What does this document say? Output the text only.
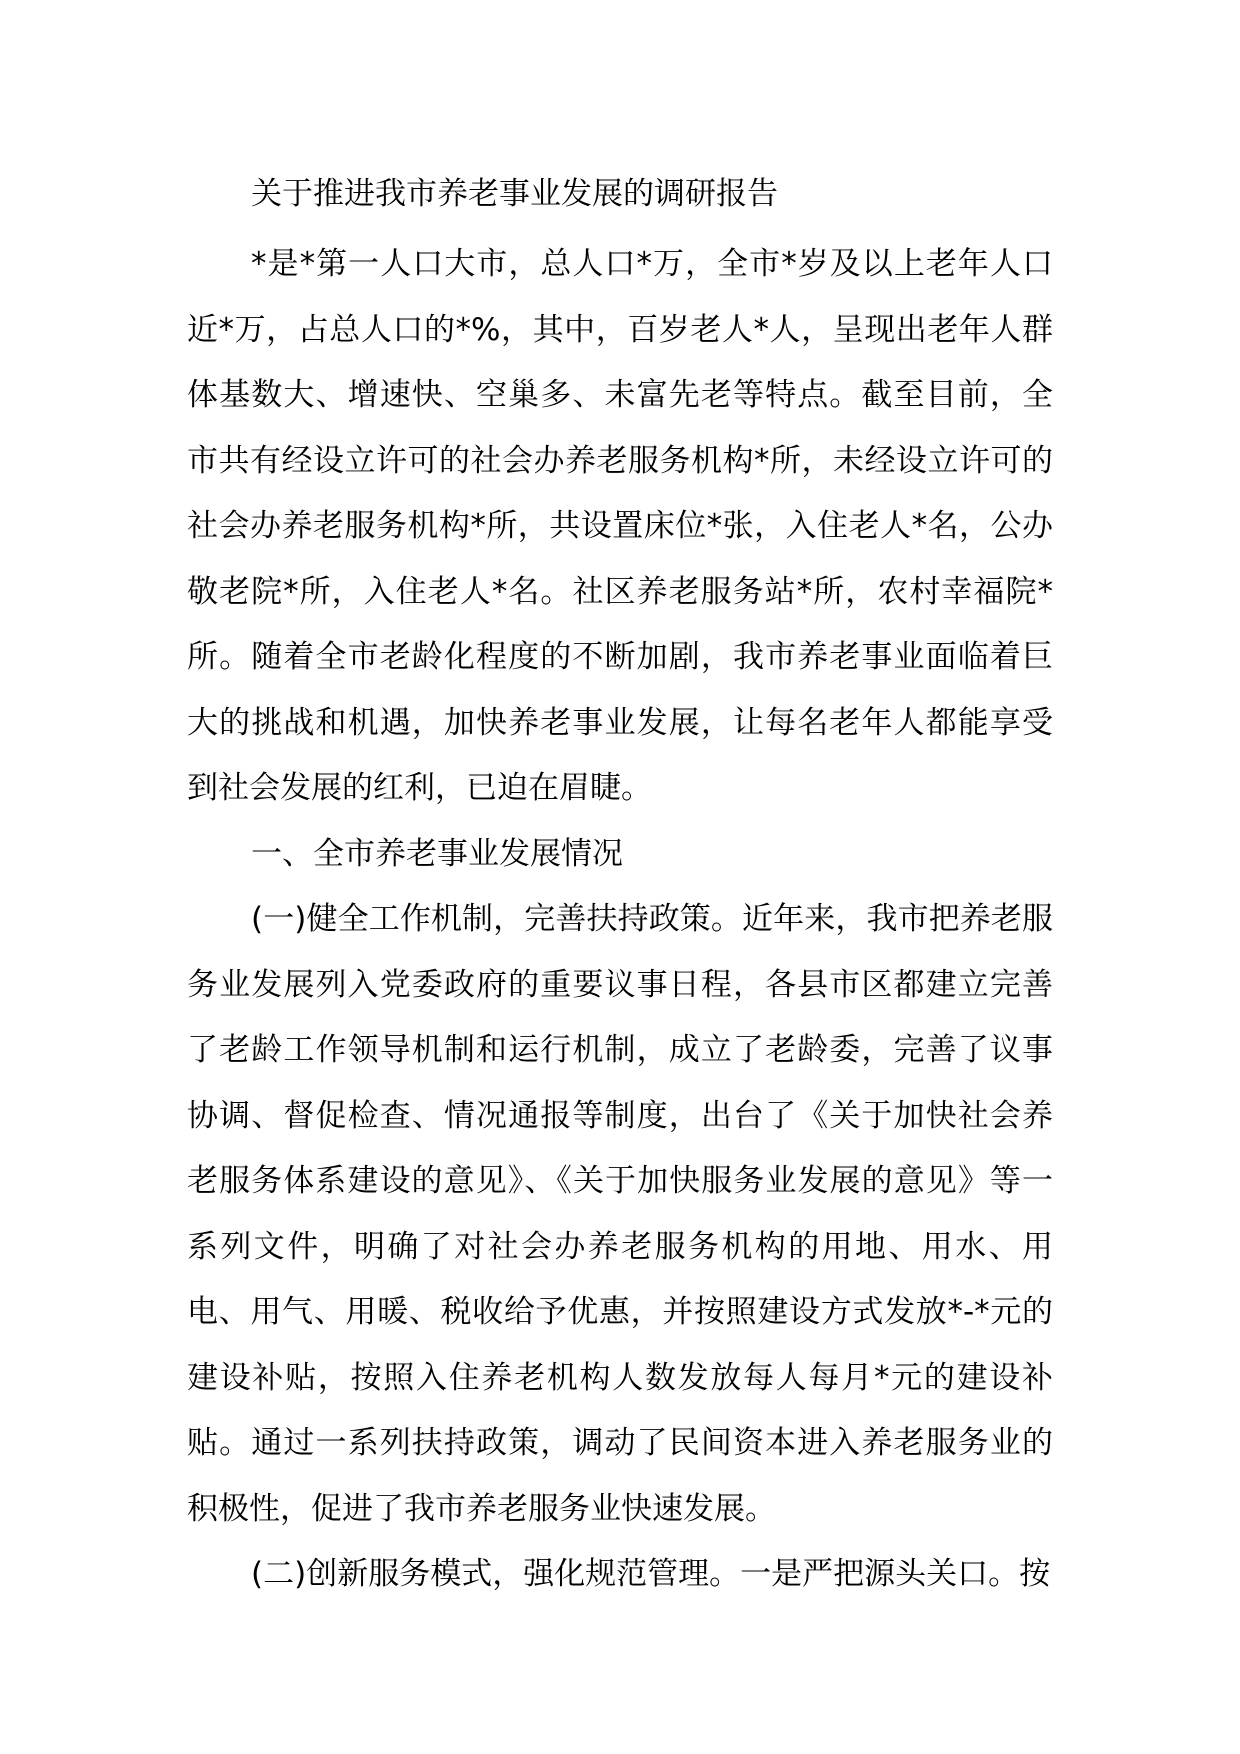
关于推进我市养老事业发展的调研报告

*是*第一人口大市，总人口*万，全市*岁及以上老年人口近*万，占总人口的*%，其中，百岁老人*人，呈现出老年人群体基数大、增速快、空巢多、未富先老等特点。截至目前，全市共有经设立许可的社会办养老服务机构*所，未经设立许可的社会办养老服务机构*所，共设置床位*张，入住老人*名，公办敬老院*所，入住老人*名。社区养老服务站*所，农村幸福院*所。随着全市老龄化程度的不断加剧，我市养老事业面临着巨大的挑战和机遇，加快养老事业发展，让每名老年人都能享受到社会发展的红利，已迫在眉睫。

一、全市养老事业发展情况

(一)健全工作机制，完善扶持政策。近年来，我市把养老服务业发展列入党委政府的重要议事日程，各县市区都建立完善了老龄工作领导机制和运行机制，成立了老龄委，完善了议事协调、督促检查、情况通报等制度，出台了《关于加快社会养老服务体系建设的意见》、《关于加快服务业发展的意见》等一系列文件，明确了对社会办养老服务机构的用地、用水、用电、用气、用暖、税收给予优惠，并按照建设方式发放*-*元的建设补贴，按照入住养老机构人数发放每人每月*元的建设补贴。通过一系列扶持政策，调动了民间资本进入养老服务业的积极性，促进了我市养老服务业快速发展。

(二)创新服务模式，强化规范管理。一是严把源头关口。按
